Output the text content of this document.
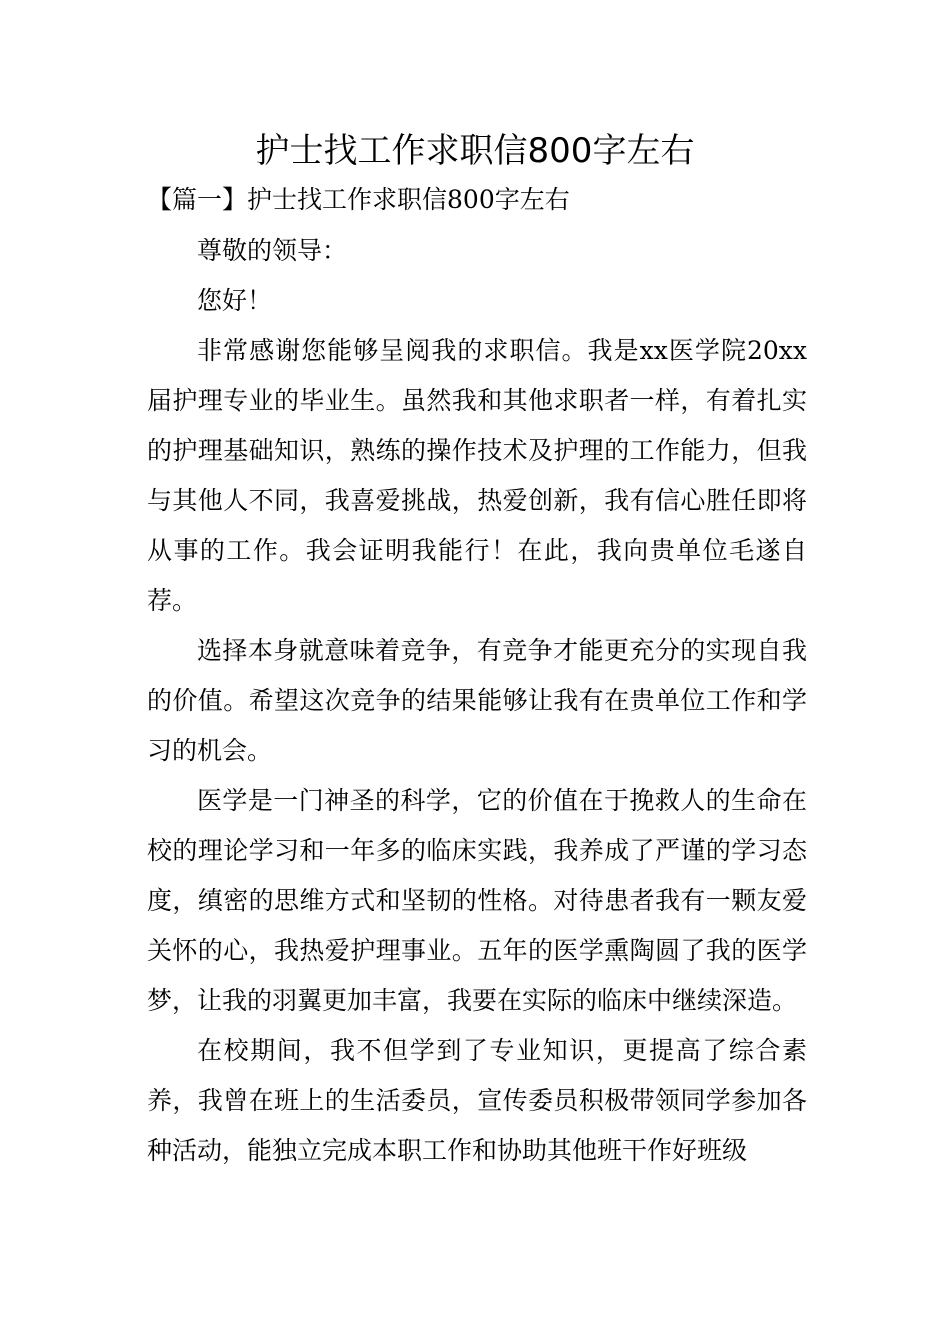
护士找工作求职信800字左右

【篇一】护士找工作求职信800字左右

尊敬的领导：

您好！

非常感谢您能够呈阅我的求职信。我是xx医学院20xx届护理专业的毕业生。虽然我和其他求职者一样，有着扎实的护理基础知识，熟练的操作技术及护理的工作能力，但我与其他人不同，我喜爱挑战，热爱创新，我有信心胜任即将从事的工作。我会证明我能行！在此，我向贵单位毛遂自荐。

选择本身就意味着竞争，有竞争才能更充分的实现自我的价值。希望这次竞争的结果能够让我有在贵单位工作和学习的机会。

医学是一门神圣的科学，它的价值在于挽救人的生命在校的理论学习和一年多的临床实践，我养成了严谨的学习态度，缜密的思维方式和坚韧的性格。对待患者我有一颗友爱关怀的心，我热爱护理事业。五年的医学熏陶圆了我的医学梦，让我的羽翼更加丰富，我要在实际的临床中继续深造。

在校期间，我不但学到了专业知识，更提高了综合素养，我曾在班上的生活委员，宣传委员积极带领同学参加各种活动，能独立完成本职工作和协助其他班干作好班级
